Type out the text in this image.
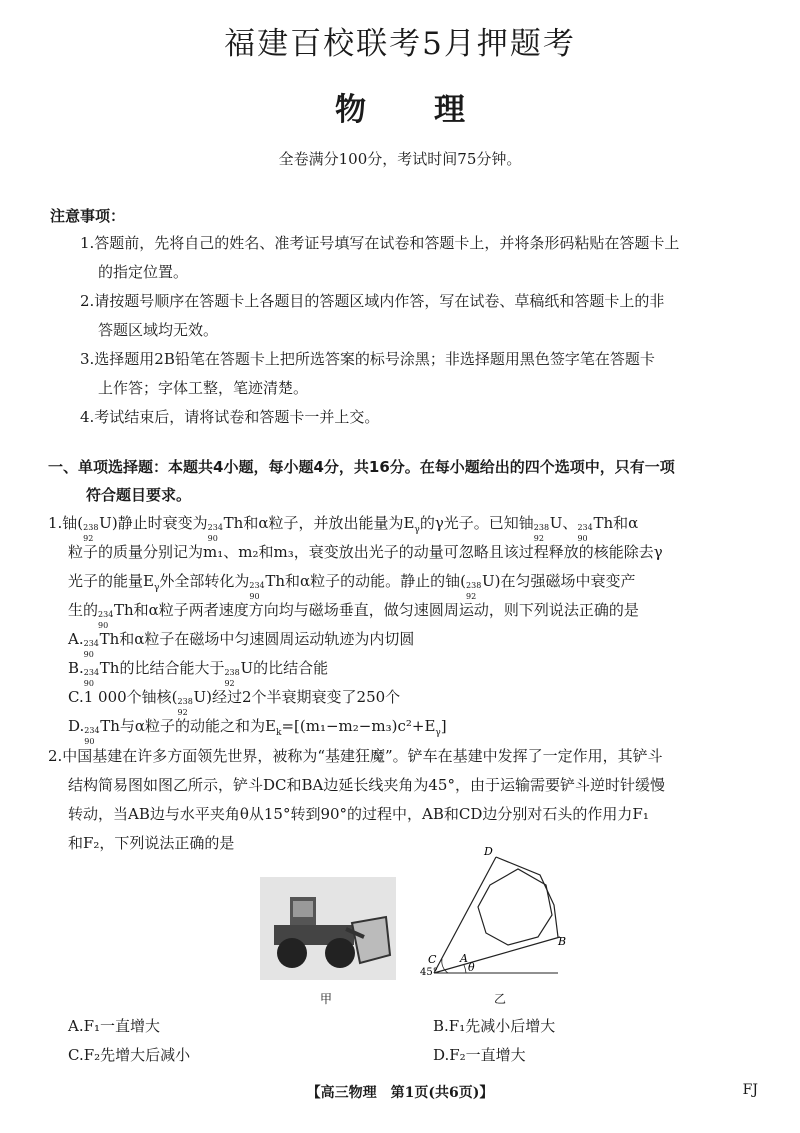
福建百校联考5月押题考
物 理
全卷满分100分，考试时间75分钟。
注意事项：
1.答题前，先将自己的姓名、准考证号填写在试卷和答题卡上，并将条形码粘贴在答题卡上
的指定位置。
2.请按题号顺序在答题卡上各题目的答题区域内作答，写在试卷、草稿纸和答题卡上的非
答题区域均无效。
3.选择题用2B铅笔在答题卡上把所选答案的标号涂黑；非选择题用黑色签字笔在答题卡
上作答；字体工整，笔迹清楚。
4.考试结束后，请将试卷和答题卡一并上交。
一、单项选择题：本题共4小题，每小题4分，共16分。在每小题给出的四个选项中，只有一项
符合题目要求。
1.铀( 238
92
U)静止时衰变为 234
90
Th和α粒子，并放出能量为$E_\gamma$的γ光子。已知铀 238
92
U、 234
90
Th和α
粒子的质量分别记为m₁、m₂和m₃，衰变放出光子的动量可忽略且该过程释放的核能除去γ
光子的能量$E_\gamma$外全部转化为 234
90
Th和α粒子的动能。静止的铀( 238
92
U)在匀强磁场中衰变产
生的 234
90
Th和α粒子两者速度方向均与磁场垂直，做匀速圆周运动，则下列说法正确的是
A. 234
90
Th和α粒子在磁场中匀速圆周运动轨迹为内切圆
B. 234
90
Th的比结合能大于 238
92
U的比结合能
C.1 000个铀核( 238
92
U)经过2个半衰期衰变了250个
D. 234
90
Th与α粒子的动能之和为$E_k=[(m_1-m_2-m_3)c^2+E_\gamma]$
2.中国基建在许多方面领先世界，被称为“基建狂魔”。铲车在基建中发挥了一定作用，其铲斗
结构简易图如图乙所示，铲斗DC和BA边延长线夹角为45°，由于运输需要铲斗逆时针缓慢
转动，当AB边与水平夹角θ从15°转到90°的过程中，AB和CD边分别对石头的作用力F₁
和F₂，下列说法正确的是
甲
D
C A
B
45°	θ
乙
A.F₁一直增大	B.F₁先减小后增大
C.F₂先增大后减小	D.F₂一直增大
【高三物理　第1页(共6页)】	FJ
